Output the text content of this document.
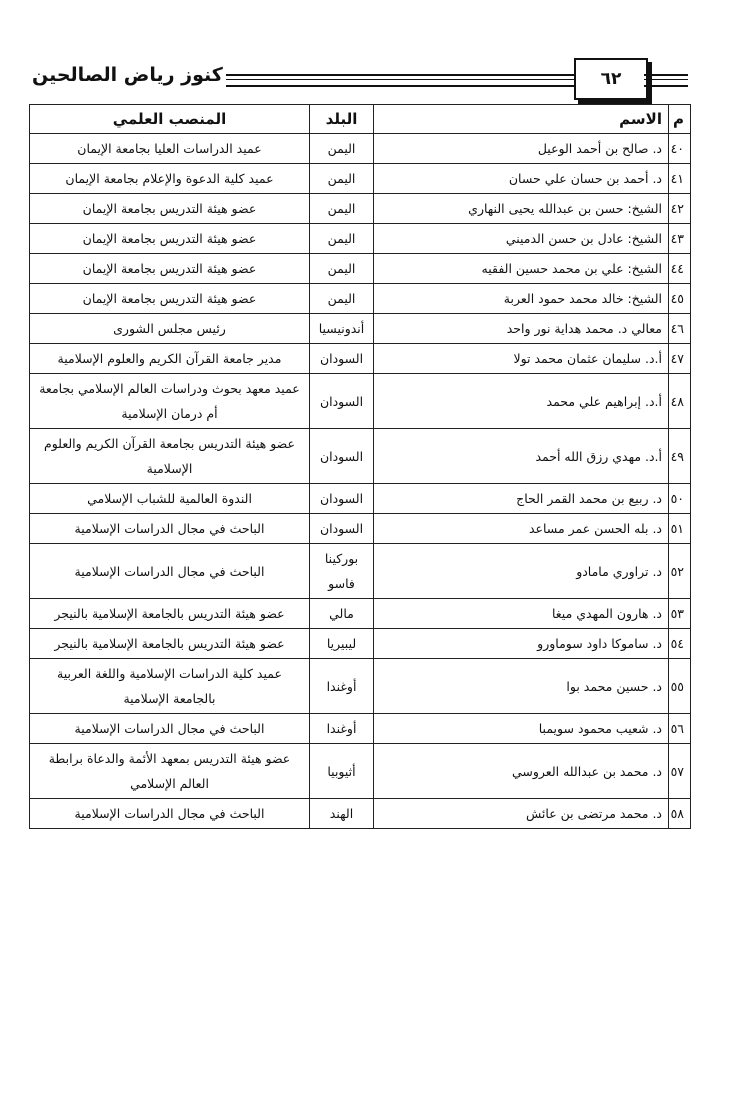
كنوز رياض الصالحين	٦٢
م	الاسم	البلد	المنصب العلمي
٤٠	د. صالح بن أحمد الوعيل	اليمن	عميد الدراسات العليا بجامعة الإيمان
٤١	د. أحمد بن حسان علي حسان	اليمن	عميد كلية الدعوة والإعلام بجامعة الإيمان
٤٢	الشيخ: حسن بن عبدالله يحيى النهاري	اليمن	عضو هيئة التدريس بجامعة الإيمان
٤٣	الشيخ: عادل بن حسن الدميني	اليمن	عضو هيئة التدريس بجامعة الإيمان
٤٤	الشيخ: علي بن محمد حسين الفقيه	اليمن	عضو هيئة التدريس بجامعة الإيمان
٤٥	الشيخ: خالد محمد حمود العربة	اليمن	عضو هيئة التدريس بجامعة الإيمان
٤٦	معالي د. محمد هداية نور واحد	أندونيسيا	رئيس مجلس الشورى
٤٧	أ.د. سليمان عثمان محمد تولا	السودان	مدير جامعة القرآن الكريم والعلوم الإسلامية
٤٨	أ.د. إبراهيم علي محمد	السودان	عميد معهد بحوث ودراسات العالم الإسلامي بجامعة أم درمان الإسلامية
٤٩	أ.د. مهدي رزق الله أحمد	السودان	عضو هيئة التدريس بجامعة القرآن الكريم والعلوم الإسلامية
٥٠	د. ربيع بن محمد القمر الحاج	السودان	الندوة العالمية للشباب الإسلامي
٥١	د. بله الحسن عمر مساعد	السودان	الباحث في مجال الدراسات الإسلامية
٥٢	د. تراوري مامادو	بوركينا فاسو	الباحث في مجال الدراسات الإسلامية
٥٣	د. هارون المهدي ميغا	مالي	عضو هيئة التدريس بالجامعة الإسلامية بالنيجر
٥٤	د. ساموكا داود سوماورو	ليبيريا	عضو هيئة التدريس بالجامعة الإسلامية بالنيجر
٥٥	د. حسين محمد بوا	أوغندا	عميد كلية الدراسات الإسلامية واللغة العربية بالجامعة الإسلامية
٥٦	د. شعيب محمود سويمبا	أوغندا	الباحث في مجال الدراسات الإسلامية
٥٧	د. محمد بن عبدالله العروسي	أثيوبيا	عضو هيئة التدريس بمعهد الأئمة والدعاة برابطة العالم الإسلامي
٥٨	د. محمد مرتضى بن عائش	الهند	الباحث في مجال الدراسات الإسلامية
